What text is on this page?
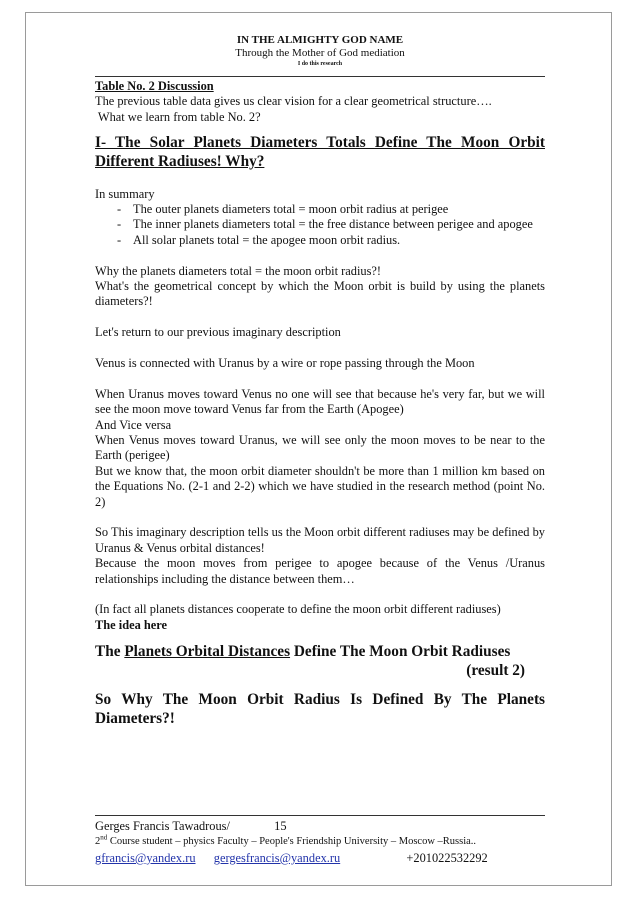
IN THE ALMIGHTY GOD NAME
Through the Mother of God mediation
I do this research

Table No. 2 Discussion

The previous table data gives us clear vision for a clear geometrical structure….

What we learn from table No. 2?

I- The Solar Planets Diameters Totals Define The Moon Orbit Different Radiuses! Why?

In summary

- The outer planets diameters total = moon orbit radius at perigee
- The inner planets diameters total = the free distance between perigee and apogee
- All solar planets total = the apogee moon orbit radius.

Why the planets diameters total = the moon orbit radius?!

What's the geometrical concept by which the Moon orbit is build by using the planets diameters?!

Let's return to our previous imaginary description

Venus is connected with Uranus by a wire or rope passing through the Moon

When Uranus moves toward Venus no one will see that because he's very far, but we will see the moon move toward Venus far from the Earth (Apogee)

And Vice versa

When Venus moves toward Uranus, we will see only the moon moves to be near to the Earth (perigee)

But we know that, the moon orbit diameter shouldn't be more than 1 million km based on the Equations No. (2-1 and 2-2) which we have studied in the research method (point No. 2)

So This imaginary description tells us the Moon orbit different radiuses may be defined by Uranus & Venus orbital distances!

Because the moon moves from perigee to apogee because of the Venus /Uranus relationships including the distance between them…

(In fact all planets distances cooperate to define the moon orbit different radiuses)

The idea here

The Planets Orbital Distances Define The Moon Orbit Radiuses

(result 2)

So Why The Moon Orbit Radius Is Defined By The Planets Diameters?!

Gerges Francis Tawadrous/	15
2nd Course student – physics Faculty – People's Friendship University – Moscow –Russia..
gfrancis@yandex.ru gergesfrancis@yandex.ru	+201022532292
